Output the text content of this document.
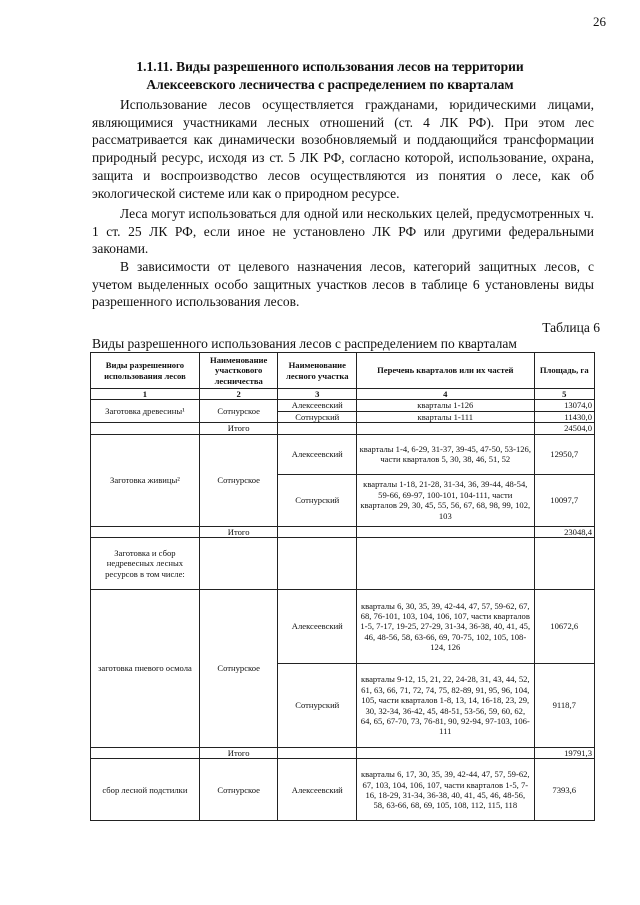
26
1.1.11. Виды разрешенного использования лесов на территории
Алексеевского лесничества с распределением по кварталам

Использование лесов осуществляется гражданами, юридическими лицами, являющимися участниками лесных отношений (ст. 4 ЛК РФ). При этом лес рассматривается как динамически возобновляемый и поддающийся трансформации природный ресурс, исходя из ст. 5 ЛК РФ, согласно которой, использование, охрана, защита и воспроизводство лесов осуществляются из понятия о лесе, как об экологической системе или как о природном ресурсе.

Леса могут использоваться для одной или нескольких целей, предусмотренных ч. 1 ст. 25 ЛК РФ, если иное не установлено ЛК РФ или другими федеральными законами.

В зависимости от целевого назначения лесов, категорий защитных лесов, с учетом выделенных особо защитных участков лесов в таблице 6 установлены виды разрешенного использования лесов.

Таблица 6
Виды разрешенного использования лесов с распределением по кварталам
Виды разрешенного использования лесов	Наименование участкового лесничества	Наименование лесного участка	Перечень кварталов или их частей	Площадь, га
1	2	3	4	5
Заготовка древесины¹	Сотнурское	Алексеевский	кварталы 1-126	13074,0
		Сотнурский	кварталы 1-111	11430,0
	Итого			24504,0
Заготовка живицы²	Сотнурское	Алексеевский	кварталы 1-4, 6-29, 31-37, 39-45, 47-50, 53-126, части кварталов 5, 30, 38, 46, 51, 52	12950,7
		Сотнурский	кварталы 1-18, 21-28, 31-34, 36, 39-44, 48-54, 59-66, 69-97, 100-101, 104-111, части кварталов 29, 30, 45, 55, 56, 67, 68, 98, 99, 102, 103	10097,7
	Итого			23048,4
Заготовка и сбор недревесных лесных ресурсов в том числе:				
заготовка пневого осмола	Сотнурское	Алексеевский	кварталы 6, 30, 35, 39, 42-44, 47, 57, 59-62, 67, 68, 76-101, 103, 104, 106, 107, части кварталов 1-5, 7-17, 19-25, 27-29, 31-34, 36-38, 40, 41, 45, 46, 48-56, 58, 63-66, 69, 70-75, 102, 105, 108-124, 126	10672,6
		Сотнурский	кварталы 9-12, 15, 21, 22, 24-28, 31, 43, 44, 52, 61, 63, 66, 71, 72, 74, 75, 82-89, 91, 95, 96, 104, 105, части кварталов 1-8, 13, 14, 16-18, 23, 29, 30, 32-34, 36-42, 45, 48-51, 53-56, 59, 60, 62, 64, 65, 67-70, 73, 76-81, 90, 92-94, 97-103, 106-111	9118,7
	Итого			19791,3
сбор лесной подстилки	Сотнурское	Алексеевский	кварталы 6, 17, 30, 35, 39, 42-44, 47, 57, 59-62, 67, 103, 104, 106, 107, части кварталов 1-5, 7-16, 18-29, 31-34, 36-38, 40, 41, 45, 46, 48-56, 58, 63-66, 68, 69, 105, 108, 112, 115, 118	7393,6
